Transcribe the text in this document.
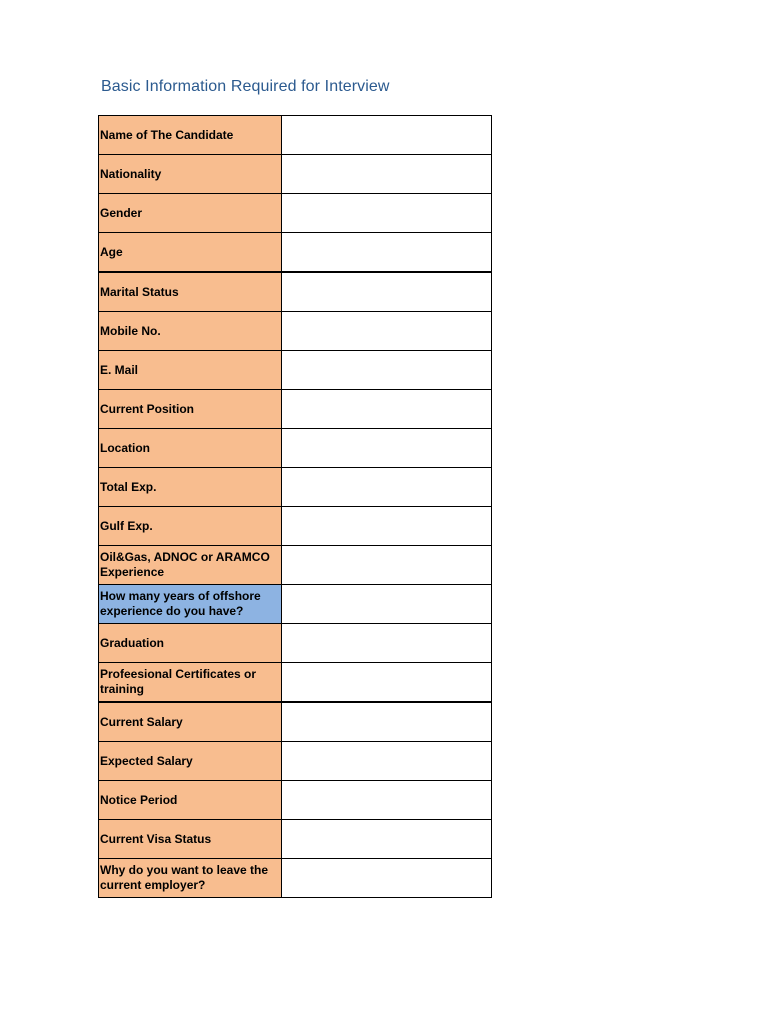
Basic Information Required for Interview
Name of The Candidate	
Nationality	
Gender	
Age	
Marital Status	
Mobile No.	
E. Mail	
Current Position	
Location	
Total Exp.	
Gulf Exp.	
Oil&Gas, ADNOC or ARAMCO Experience	
How many years of offshore experience do you have?	
Graduation	
Profeesional Certificates or training	
Current Salary	
Expected Salary	
Notice Period	
Current Visa Status	
Why do you want to leave the current employer?	
